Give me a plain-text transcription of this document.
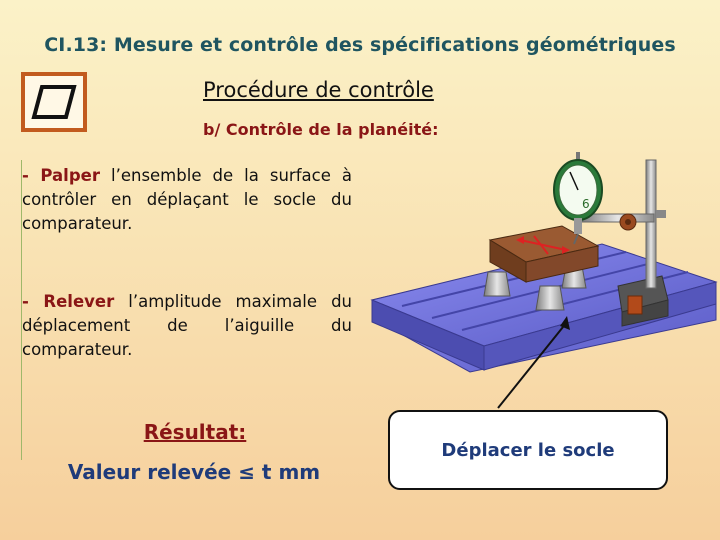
CI.13: Mesure et contrôle des spécifications géométriques
Procédure de contrôle
b/ Contrôle de la planéité:
- Palper l’ensemble de la surface à contrôler en déplaçant le socle du comparateur.
- Relever l’amplitude maximale du déplacement de l’aiguille du comparateur.
Résultat:
Valeur relevée ≤ t mm
6
Déplacer le socle
